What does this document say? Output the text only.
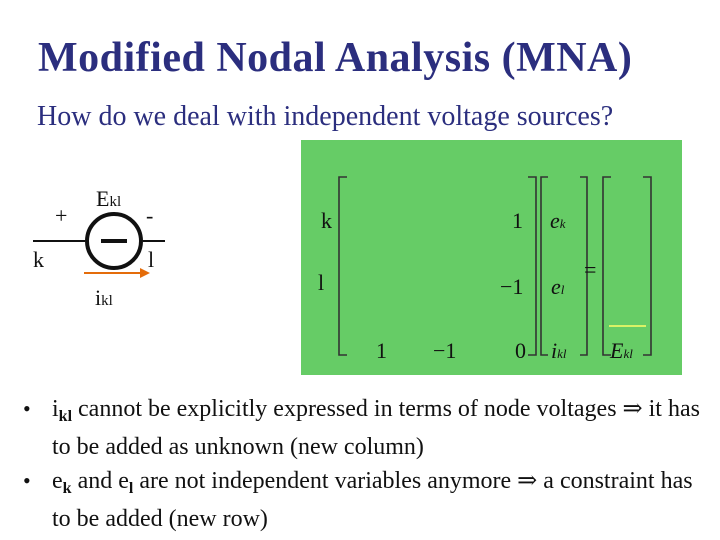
Modified Nodal Analysis (MNA)
How do we deal with independent voltage sources?
+	-
Ekl
k	l
ikl
k
l
1
−1
1 −1	0
=
ek
el
ikl Ekl
• $i_{kl}$ cannot be explicitly expressed in terms of node voltages ⇒ it has to be added as unknown (new column)
• $e_k$ and $e_l$ are not independent variables anymore ⇒ a constraint has to be added (new row)
